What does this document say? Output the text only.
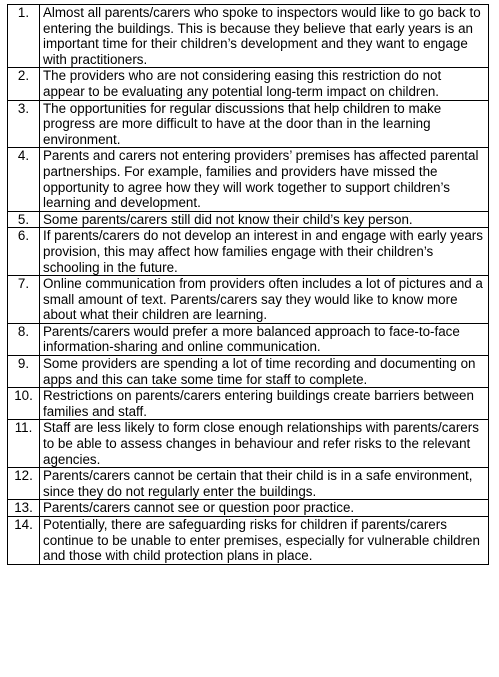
1.	Almost all parents/carers who spoke to inspectors would like to go back to entering the buildings. This is because they believe that early years is an important time for their children’s development and they want to engage with practitioners.
2.	The providers who are not considering easing this restriction do not appear to be evaluating any potential long-term impact on children.
3.	The opportunities for regular discussions that help children to make progress are more difficult to have at the door than in the learning environment.
4.	Parents and carers not entering providers’ premises has affected parental partnerships. For example, families and providers have missed the opportunity to agree how they will work together to support children’s learning and development.
5.	Some parents/carers still did not know their child’s key person.
6.	If parents/carers do not develop an interest in and engage with early years provision, this may affect how families engage with their children’s schooling in the future.
7.	Online communication from providers often includes a lot of pictures and a small amount of text. Parents/carers say they would like to know more about what their children are learning.
8.	Parents/carers would prefer a more balanced approach to face-to-face information-sharing and online communication.
9.	Some providers are spending a lot of time recording and documenting on apps and this can take some time for staff to complete.
10.	Restrictions on parents/carers entering buildings create barriers between families and staff.
11.	Staff are less likely to form close enough relationships with parents/carers to be able to assess changes in behaviour and refer risks to the relevant agencies.
12.	Parents/carers cannot be certain that their child is in a safe environment, since they do not regularly enter the buildings.
13.	Parents/carers cannot see or question poor practice.
14.	Potentially, there are safeguarding risks for children if parents/carers continue to be unable to enter premises, especially for vulnerable children and those with child protection plans in place.
